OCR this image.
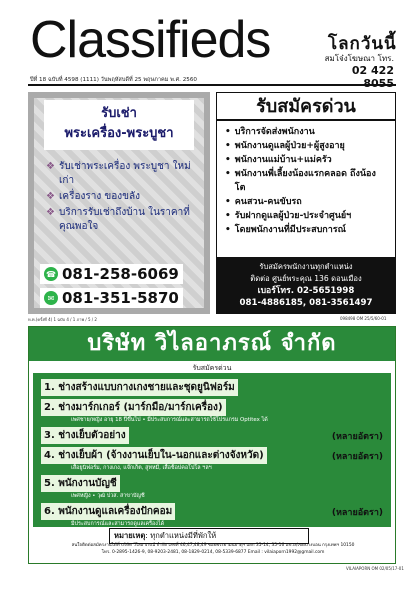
Classifieds	โลกวันนี้
สมโจ๋งโฆษณา โทร.
02 422
ปีที่ 18 ฉบับที่ 4598 (1111) วันพฤหัสบดีที่ 25 พฤษภาคม พ.ศ. 2560
รับเช่า
พระเครื่อง-พระบูชา
❖ รับเช่าพระเครื่อง พระบูชา ใหม่เก่า
❖ เครื่องราง ของขลัง
❖ บริการรับเช่าถึงบ้าน ในราคาที่คุณพอใจ
☎ 081-258-6069
✉ 081-351-5870
ห.ท.(ครั้งที่ 4) 1 ฉบับ 4 / 1 ภาพ / 5 / 2
รับสมัครด่วน
• บริการจัดส่งพนักงาน
• พนักงานดูแลผู้ป่วย+ผู้สูงอายุ
• พนักงานแม่บ้าน+แม่ครัว
• พนักงานพี่เลี้ยงน้องแรกคลอด ถึงน้องโต
• คนสวน-คนขับรถ
• รับฝากดูแลผู้ป่วย-ประจำศูนย์ฯ
• โดยพนักงานที่มีประสบการณ์
รับสมัครพนักงานทุกตำแหน่ง
ติดต่อ ศูนย์พระคุณ 136 ดอนเมือง
เบอร์โทร. 02-5651998
081-4886185, 081-3561497
098498 OM 25/5/60-01
บริษัท วิไลอาภรณ์ จำกัด
รับสมัครด่วน
1. ช่างสร้างแบบกางเกงชายและชุดยูนิฟอร์ม
2. ช่างมาร์กเกอร์ (มาร์กมือ/มาร์กเครื่อง)
เพศชาย/หญิง อายุ 18 ปีขึ้นไป • มีประสบการณ์และสามารถใช้โปรแกรม Optitex ได้
3. ช่างเย็บตัวอย่าง	(หลายอัตรา)
4. ช่างเย็บผ้า (จ้างงานเย็บใน-นอกและต่างจังหวัด)	(หลายอัตรา)
เสื้อยูนิฟอร์ม, กางเกง, แจ๊กเก็ต, สูทหมี, เสื้อช็อปคอโปโล ฯลฯ
5. พนักงานบัญชี
เพศหญิง • วุฒิ ปวส. สาขาบัญชี
6. พนักงานดูแลเครื่องปักคอม	(หลายอัตรา)
มีประสบการณ์และสามารถดูแลเครื่องได้
หมายเหตุ: ทุกตำแหน่งมีที่พักให้
สนใจติดต่อสมัครงานได้ที่ บริษัท วิไลอาภรณ์ จำกัด เลขที่ 46,47,48,49 ซอยพระยามนธาตุฯ แยก 35-14, 35-16 แขวง/เขตบางบอน กรุงเทพฯ 10150
โทร. 0-2895-1426-9, 08-9203-2481, 08-1829-0214, 08-5339-6877 Email : vilaiaporn1992@gmail.com
VILAIAPORN OM 02/05/17-01
